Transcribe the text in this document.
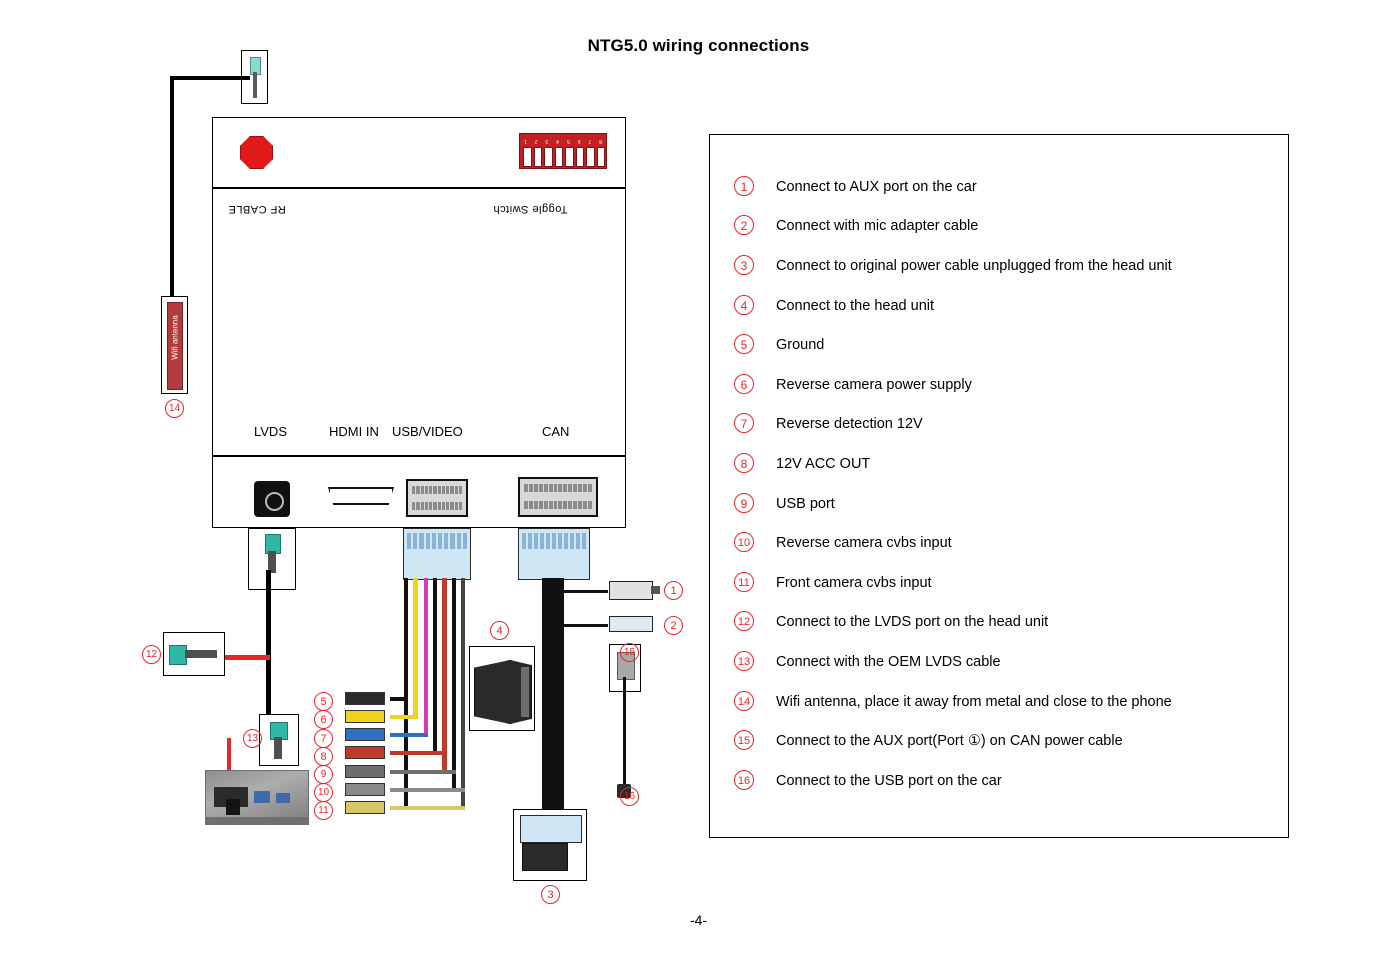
NTG5.0 wiring connections
Wifi antenna
8
7
6
5
4
3
2
1
RF CABLE	Toggle Switch
LVDS	HDMI IN USB/VIDEO	CAN
1
2
3
4
5
6
7
8
9
10
11
12
13
14
15
16
1	Connect to AUX port on the car
2	Connect with mic adapter cable
3	Connect to original power cable unplugged from the head unit
4	Connect to the head unit
5	Ground
6	Reverse camera power supply
7	Reverse detection 12V
8	12V ACC OUT
9	USB port
10	Reverse camera cvbs input
11	Front camera cvbs input
12	Connect to the LVDS port on the head unit
13	Connect with the OEM LVDS cable
14	Wifi antenna, place it away from metal and close to the phone
15	Connect to the AUX port(Port ①) on CAN power cable
16	Connect to the USB port on the car
-4-
